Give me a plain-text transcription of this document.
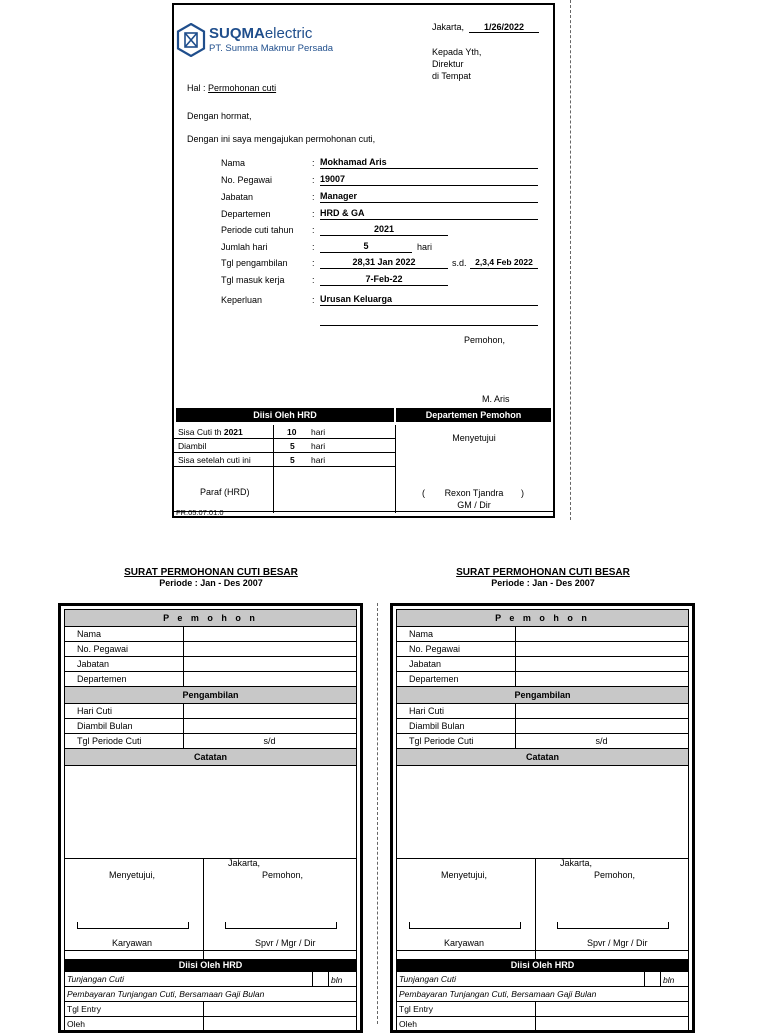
SUQMAelectric
PT. Summa Makmur Persada
Jakarta,	1/26/2022
Kepada Yth,
Direktur
di Tempat
Hal : Permohonan cuti
Dengan hormat,
Dengan ini saya mengajukan permohonan cuti,
Nama	: Mokhamad Aris
No. Pegawai	: 19007
Jabatan	: Manager
Departemen	: HRD & GA
Periode cuti tahun :	2021
Jumlah hari	:	5	hari
Tgl pengambilan	:	28,31 Jan 2022	s.d.	2,3,4 Feb 2022
Tgl masuk kerja	:	7-Feb-22
Keperluan	: Urusan Keluarga
Pemohon,
M. Aris
Diisi Oleh HRD	Departemen Pemohon
Sisa Cuti th 2021	10 hari
Diambil	5 hari
Sisa setelah cuti ini	5 hari
Paraf (HRD)
Menyetujui
(	Rexon Tjandra	)
GM / Dir
FR.05.07.01.0
SURAT PERMOHONAN CUTI BESAR
Periode : Jan - Des 2007
P e m o h o n
Nama
No. Pegawai
Jabatan
Departemen
Pengambilan
Hari Cuti
Diambil Bulan
Tgl Periode Cuti	s/d
Catatan
Menyetujui,
Jakarta,
Pemohon,
Karyawan	Spvr / Mgr / Dir
Diisi Oleh HRD
Tunjangan Cuti	bln
Pembayaran Tunjangan Cuti, Bersamaan Gaji Bulan
Tgl Entry
Oleh
SURAT PERMOHONAN CUTI BESAR
Periode : Jan - Des 2007
P e m o h o n
Nama
No. Pegawai
Jabatan
Departemen
Pengambilan
Hari Cuti
Diambil Bulan
Tgl Periode Cuti	s/d
Catatan
Menyetujui,
Jakarta,
Pemohon,
Karyawan	Spvr / Mgr / Dir
Diisi Oleh HRD
Tunjangan Cuti	bln
Pembayaran Tunjangan Cuti, Bersamaan Gaji Bulan
Tgl Entry
Oleh
